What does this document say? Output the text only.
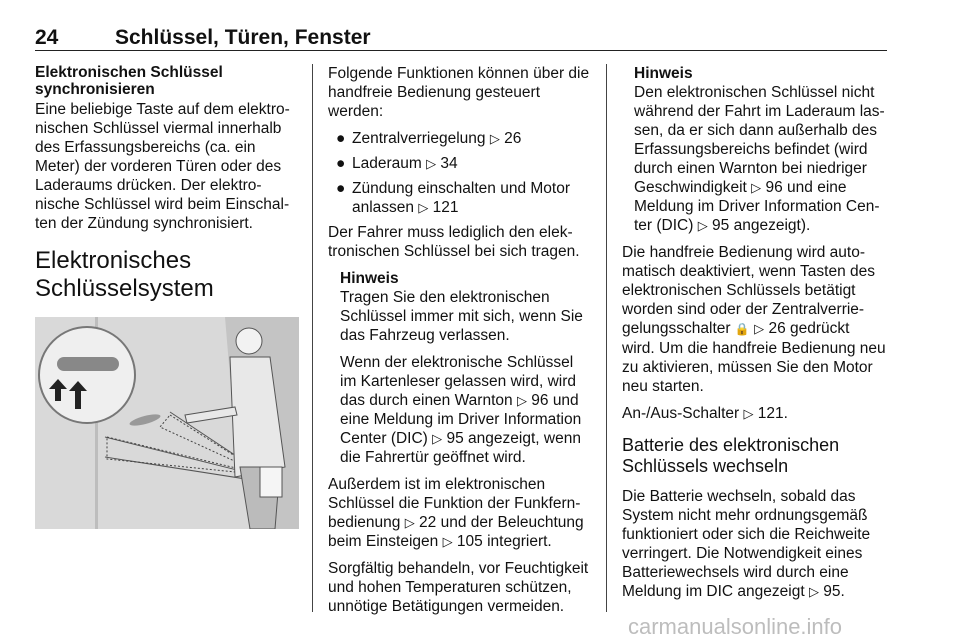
24	Schlüssel, Türen, Fenster
Elektronischen Schlüssel synchronisieren

Eine beliebige Taste auf dem elektronischen Schlüssel viermal innerhalb des Erfassungsbereichs (ca. ein Meter) der vorderen Türen oder des Laderaums drücken. Der elektronische Schlüssel wird beim Einschalten der Zündung synchronisiert.

Elektronisches Schlüsselsystem

Folgende Funktionen können über die handfreie Bedienung gesteuert werden:

● Zentralverriegelung ▷ 26
● Laderaum ▷ 34
● Zündung einschalten und Motor anlassen ▷ 121

Der Fahrer muss lediglich den elektronischen Schlüssel bei sich tragen.

Hinweis

Tragen Sie den elektronischen Schlüssel immer mit sich, wenn Sie das Fahrzeug verlassen.

Wenn der elektronische Schlüssel im Kartenleser gelassen wird, wird das durch einen Warnton ▷ 96 und eine Meldung im Driver Information Center (DIC) ▷ 95 angezeigt, wenn die Fahrertür geöffnet wird.

Außerdem ist im elektronischen Schlüssel die Funktion der Funkfernbedienung ▷ 22 und der Beleuchtung beim Einsteigen ▷ 105 integriert.

Sorgfältig behandeln, vor Feuchtigkeit und hohen Temperaturen schützen, unnötige Betätigungen vermeiden.

Hinweis

Den elektronischen Schlüssel nicht während der Fahrt im Laderaum lassen, da er sich dann außerhalb des Erfassungsbereichs befindet (wird durch einen Warnton bei niedriger Geschwindigkeit ▷ 96 und eine Meldung im Driver Information Center (DIC) ▷ 95 angezeigt).

Die handfreie Bedienung wird automatisch deaktiviert, wenn Tasten des elektronischen Schlüssels betätigt worden sind oder der Zentralverriegelungsschalter 🔒 ▷ 26 gedrückt wird. Um die handfreie Bedienung neu zu aktivieren, müssen Sie den Motor neu starten.

An-/Aus-Schalter ▷ 121.

Batterie des elektronischen Schlüssels wechseln

Die Batterie wechseln, sobald das System nicht mehr ordnungsgemäß funktioniert oder sich die Reichweite verringert. Die Notwendigkeit eines Batteriewechsels wird durch eine Meldung im DIC angezeigt ▷ 95.

carmanualsonline.info
